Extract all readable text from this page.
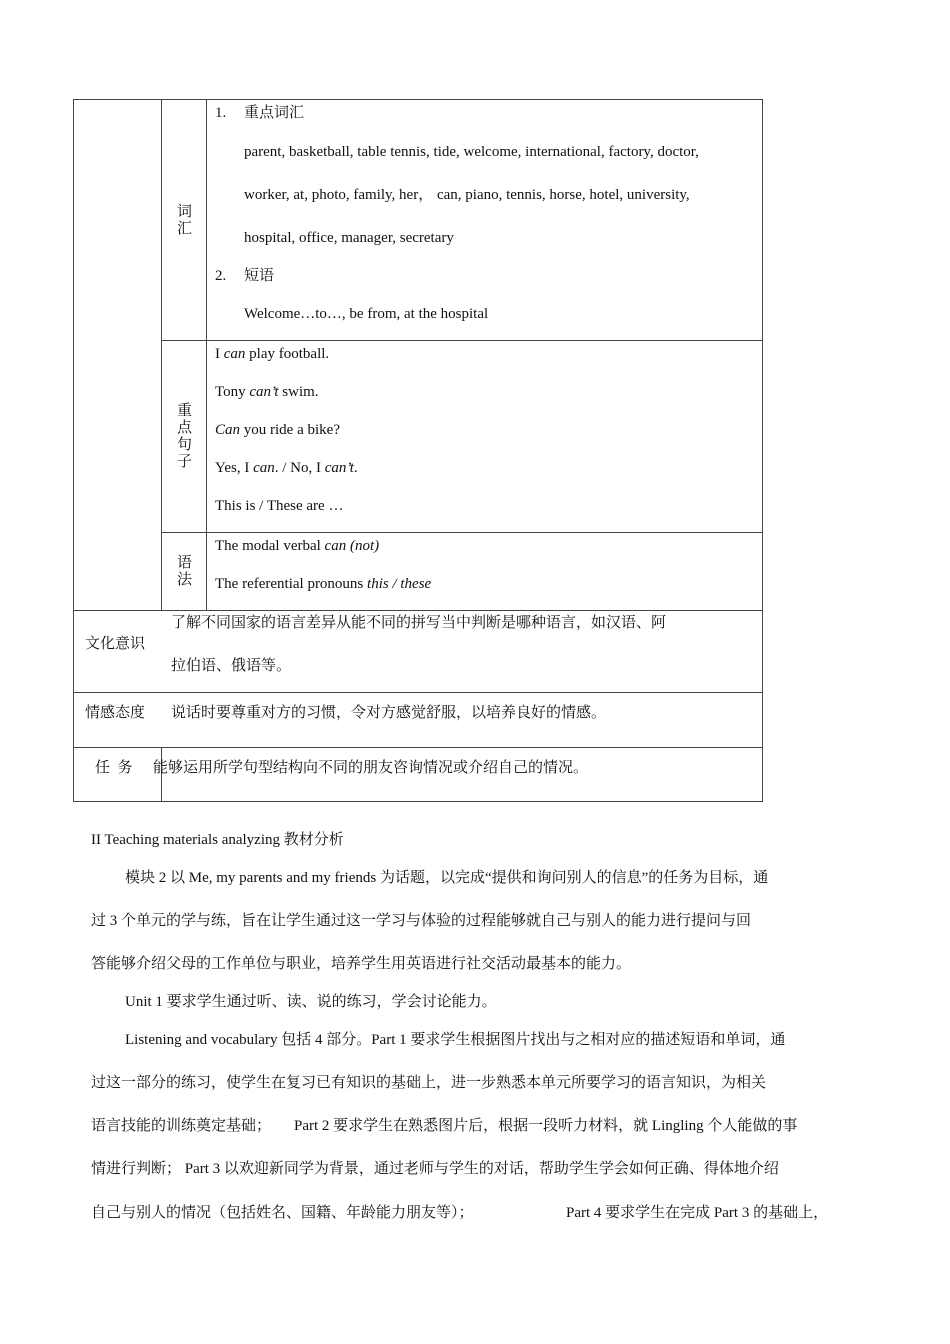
词汇
1. 重点词汇
parent, basketball, table tennis, tide, welcome, international, factory, doctor,
worker, at, photo, family, her， can, piano, tennis, horse, hotel, university,
hospital, office, manager, secretary
2. 短语
Welcome…to…, be from, at the hospital
重点句子
I can play football.
Tony can’t swim.
Can you ride a bike?
Yes, I can. / No, I can’t.
This is / These are …
语法
The modal verbal can (not)
The referential pronouns this / these
文化意识
了解不同国家的语言差异从能不同的拼写当中判断是哪种语言，如汉语、阿
拉伯语、俄语等。
情感态度 说话时要尊重对方的习惯，令对方感觉舒服，以培养良好的情感。
任  务 能够运用所学句型结构向不同的朋友咨询情况或介绍自己的情况。
II Teaching materials analyzing 教材分析
模块 2 以 Me, my parents and my friends 为话题，以完成“提供和询问别人的信息”的任务为目标，通
过 3 个单元的学与练，旨在让学生通过这一学习与体验的过程能够就自己与别人的能力进行提问与回
答能够介绍父母的工作单位与职业，培养学生用英语进行社交活动最基本的能力。
Unit 1 要求学生通过听、读、说的练习，学会讨论能力。
Listening and vocabulary 包括 4 部分。Part 1 要求学生根据图片找出与之相对应的描述短语和单词，通
过这一部分的练习，使学生在复习已有知识的基础上，进一步熟悉本单元所要学习的语言知识，为相关
语言技能的训练奠定基础； Part 2 要求学生在熟悉图片后，根据一段听力材料，就 Lingling 个人能做的事
情进行判断； Part 3 以欢迎新同学为背景，通过老师与学生的对话，帮助学生学会如何正确、得体地介绍
自己与别人的情况（包括姓名、国籍、年龄能力朋友等）；	Part 4 要求学生在完成 Part 3 的基础上，
